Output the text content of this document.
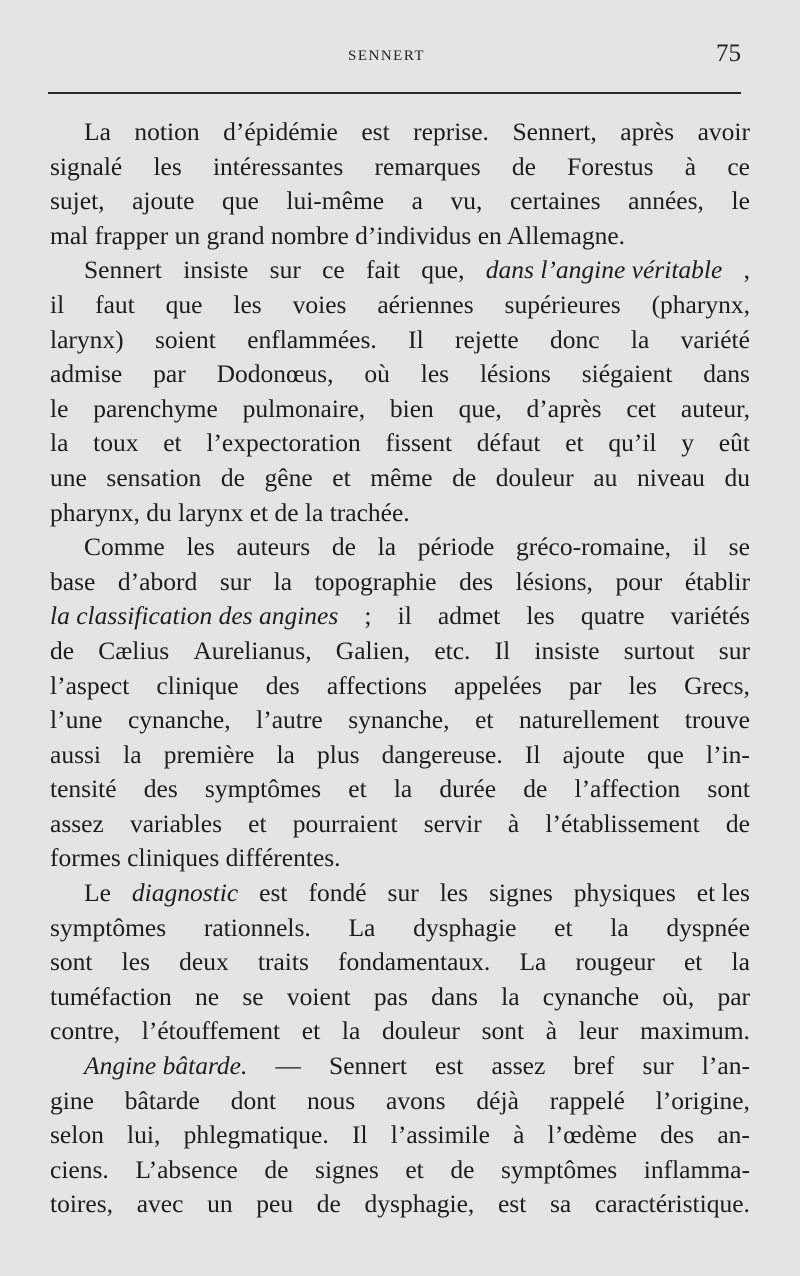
SENNERT	75
La notion d’épidémie est reprise. Sennert, après avoir
signalé les intéressantes remarques de Forestus à ce
sujet, ajoute que lui-même a vu, certaines années, le
mal frapper un grand nombre d’individus en Allemagne.
Sennert insiste sur ce fait que, dans l’angine véritable ,
il faut que les voies aériennes supérieures (pharynx,
larynx) soient enflammées. Il rejette donc la variété
admise par Dodonœus, où les lésions siégaient dans
le parenchyme pulmonaire, bien que, d’après cet auteur,
la toux et l’expectoration fissent défaut et qu’il y eût
une sensation de gêne et même de douleur au niveau du
pharynx, du larynx et de la trachée.
Comme les auteurs de la période gréco-romaine, il se
base d’abord sur la topographie des lésions, pour établir
la classification des angines ; il admet les quatre variétés
de Cælius Aurelianus, Galien, etc. Il insiste surtout sur
l’aspect clinique des affections appelées par les Grecs,
l’une cynanche, l’autre synanche, et naturellement trouve
aussi la première la plus dangereuse. Il ajoute que l’in-
tensité des symptômes et la durée de l’affection sont
assez variables et pourraient servir à l’établissement de
formes cliniques différentes.
Le diagnostic est fondé sur les signes physiques et les
symptômes rationnels. La dysphagie et la dyspnée
sont les deux traits fondamentaux. La rougeur et la
tuméfaction ne se voient pas dans la cynanche où, par
contre, l’étouffement et la douleur sont à leur maximum.
Angine bâtarde. — Sennert est assez bref sur l’an-
gine bâtarde dont nous avons déjà rappelé l’origine,
selon lui, phlegmatique. Il l’assimile à l’œdème des an-
ciens. L’absence de signes et de symptômes inflamma-
toires, avec un peu de dysphagie, est sa caractéristique.
